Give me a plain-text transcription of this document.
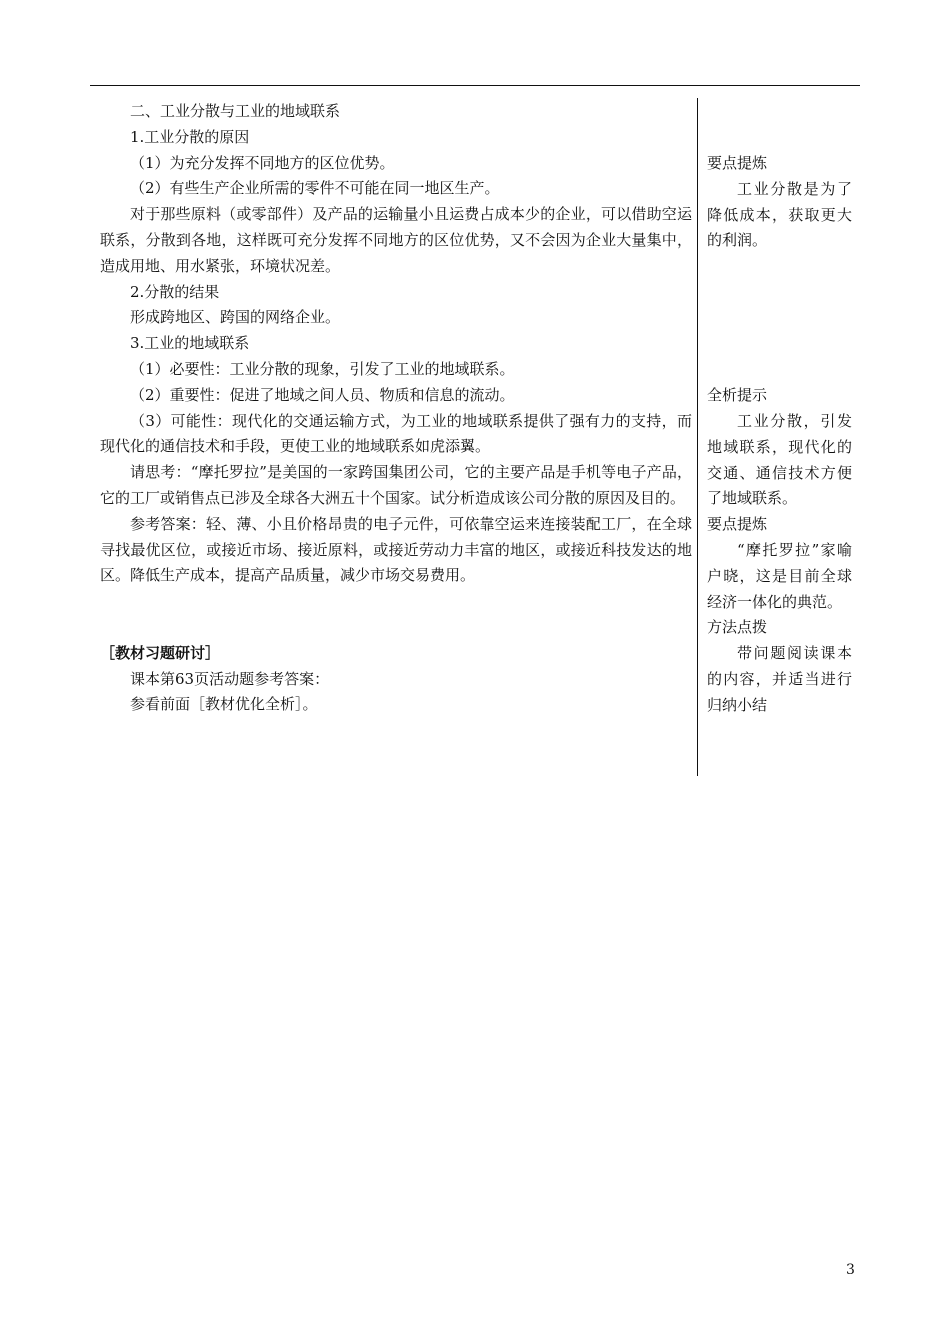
二、工业分散与工业的地域联系

1.工业分散的原因

（1）为充分发挥不同地方的区位优势。

（2）有些生产企业所需的零件不可能在同一地区生产。

对于那些原料（或零部件）及产品的运输量小且运费占成本少的企业，可以借助空运联系，分散到各地，这样既可充分发挥不同地方的区位优势，又不会因为企业大量集中，造成用地、用水紧张，环境状况差。

2.分散的结果

形成跨地区、跨国的网络企业。

3.工业的地域联系

（1）必要性：工业分散的现象，引发了工业的地域联系。

（2）重要性：促进了地域之间人员、物质和信息的流动。

（3）可能性：现代化的交通运输方式，为工业的地域联系提供了强有力的支持，而现代化的通信技术和手段，更使工业的地域联系如虎添翼。

请思考：“摩托罗拉”是美国的一家跨国集团公司，它的主要产品是手机等电子产品，它的工厂或销售点已涉及全球各大洲五十个国家。试分析造成该公司分散的原因及目的。

参考答案：轻、薄、小且价格昂贵的电子元件，可依靠空运来连接装配工厂，在全球寻找最优区位，或接近市场、接近原料，或接近劳动力丰富的地区，或接近科技发达的地区。降低生产成本，提高产品质量，减少市场交易费用。

［教材习题研讨］

课本第63页活动题参考答案：

参看前面［教材优化全析］。

要点提炼

工业分散是为了降低成本，获取更大的利润。

全析提示

工业分散，引发地域联系，现代化的交通、通信技术方便了地域联系。

要点提炼

“摩托罗拉”家喻户晓，这是目前全球经济一体化的典范。

方法点拨

带问题阅读课本的内容，并适当进行归纳小结

3
